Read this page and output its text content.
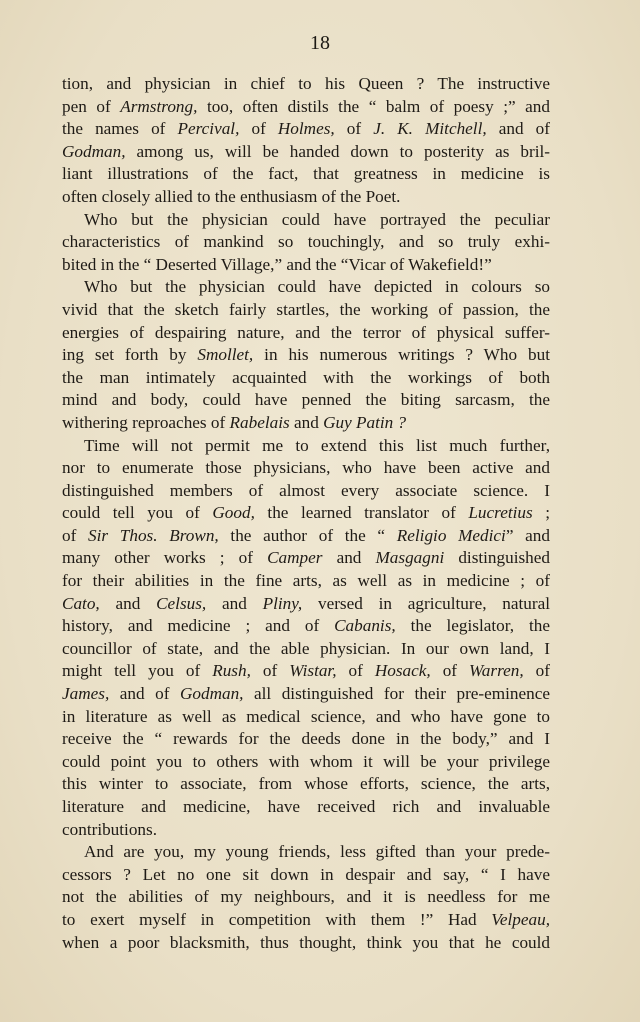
18
tion, and physician in chief to his Queen ? The instructive
pen of Armstrong, too, often distils the “ balm of poesy ;” and
the names of Percival, of Holmes, of J. K. Mitchell, and of
Godman, among us, will be handed down to posterity as bril-
liant illustrations of the fact, that greatness in medicine is
often closely allied to the enthusiasm of the Poet.
Who but the physician could have portrayed the peculiar
characteristics of mankind so touchingly, and so truly exhi-
bited in the “ Deserted Village,” and the “Vicar of Wakefield!”
Who but the physician could have depicted in colours so
vivid that the sketch fairly startles, the working of passion, the
energies of despairing nature, and the terror of physical suffer-
ing set forth by Smollet, in his numerous writings ? Who but
the man intimately acquainted with the workings of both
mind and body, could have penned the biting sarcasm, the
withering reproaches of Rabelais and Guy Patin ?
Time will not permit me to extend this list much further,
nor to enumerate those physicians, who have been active and
distinguished members of almost every associate science. I
could tell you of Good, the learned translator of Lucretius ;
of Sir Thos. Brown, the author of the “ Religio Medici” and
many other works ; of Camper and Masgagni distinguished
for their abilities in the fine arts, as well as in medicine ; of
Cato, and Celsus, and Pliny, versed in agriculture, natural
history, and medicine ; and of Cabanis, the legislator, the
councillor of state, and the able physician. In our own land, I
might tell you of Rush, of Wistar, of Hosack, of Warren, of
James, and of Godman, all distinguished for their pre-eminence
in literature as well as medical science, and who have gone to
receive the “ rewards for the deeds done in the body,” and I
could point you to others with whom it will be your privilege
this winter to associate, from whose efforts, science, the arts,
literature and medicine, have received rich and invaluable
contributions.
And are you, my young friends, less gifted than your prede-
cessors ? Let no one sit down in despair and say, “ I have
not the abilities of my neighbours, and it is needless for me
to exert myself in competition with them !” Had Velpeau,
when a poor blacksmith, thus thought, think you that he could
